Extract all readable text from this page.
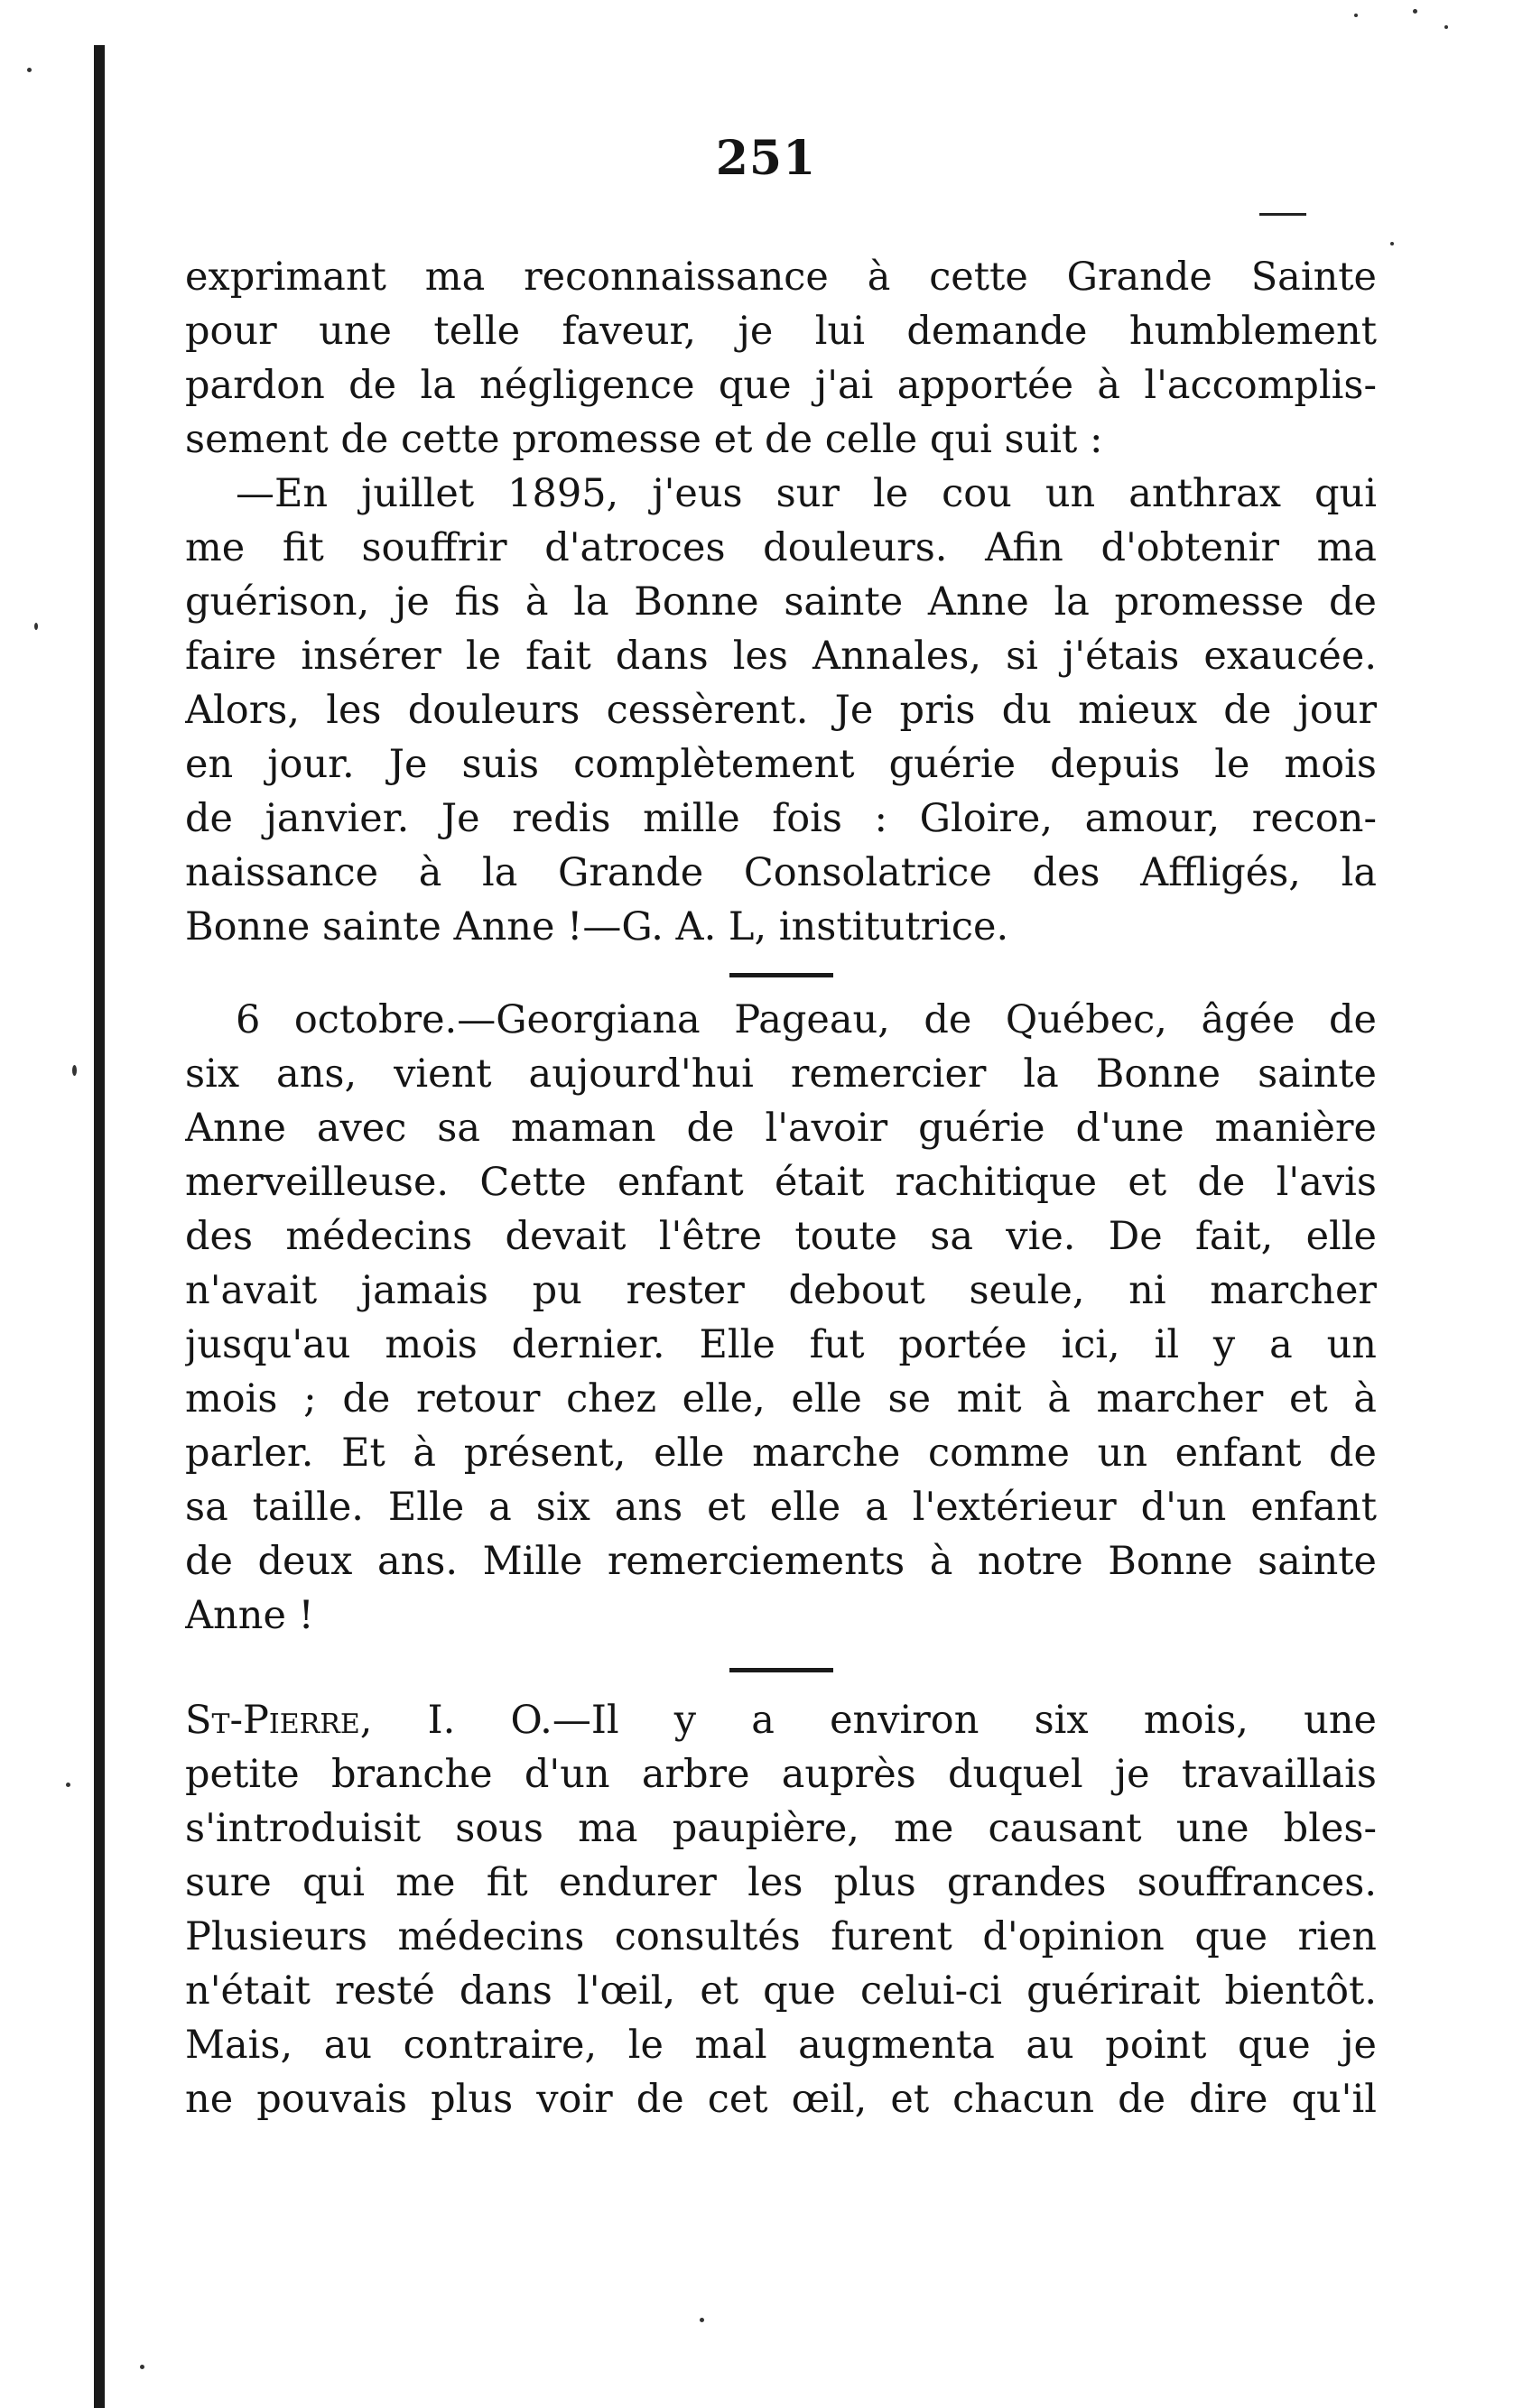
251
exprimant ma reconnaissance à cette Grande Sainte
pour une telle faveur, je lui demande humblement
pardon de la négligence que j'ai apportée à l'accomplis-
sement de cette promesse et de celle qui suit :
—En juillet 1895, j'eus sur le cou un anthrax qui
me fit souffrir d'atroces douleurs. Afin d'obtenir ma
guérison, je fis à la Bonne sainte Anne la promesse de
faire insérer le fait dans les Annales, si j'étais exaucée.
Alors, les douleurs cessèrent. Je pris du mieux de jour
en jour. Je suis complètement guérie depuis le mois
de janvier. Je redis mille fois : Gloire, amour, recon-
naissance à la Grande Consolatrice des Affligés, la
Bonne sainte Anne !—G. A. L, institutrice.
6 octobre.—Georgiana Pageau, de Québec, âgée de
six ans, vient aujourd'hui remercier la Bonne sainte
Anne avec sa maman de l'avoir guérie d'une manière
merveilleuse. Cette enfant était rachitique et de l'avis
des médecins devait l'être toute sa vie. De fait, elle
n'avait jamais pu rester debout seule, ni marcher
jusqu'au mois dernier. Elle fut portée ici, il y a un
mois ; de retour chez elle, elle se mit à marcher et à
parler. Et à présent, elle marche comme un enfant de
sa taille. Elle a six ans et elle a l'extérieur d'un enfant
de deux ans. Mille remerciements à notre Bonne sainte
Anne !
St-Pierre, I. O.—Il y a environ six mois, une
petite branche d'un arbre auprès duquel je travaillais
s'introduisit sous ma paupière, me causant une bles-
sure qui me fit endurer les plus grandes souffrances.
Plusieurs médecins consultés furent d'opinion que rien
n'était resté dans l'œil, et que celui-ci guérirait bientôt.
Mais, au contraire, le mal augmenta au point que je
ne pouvais plus voir de cet œil, et chacun de dire qu'il
